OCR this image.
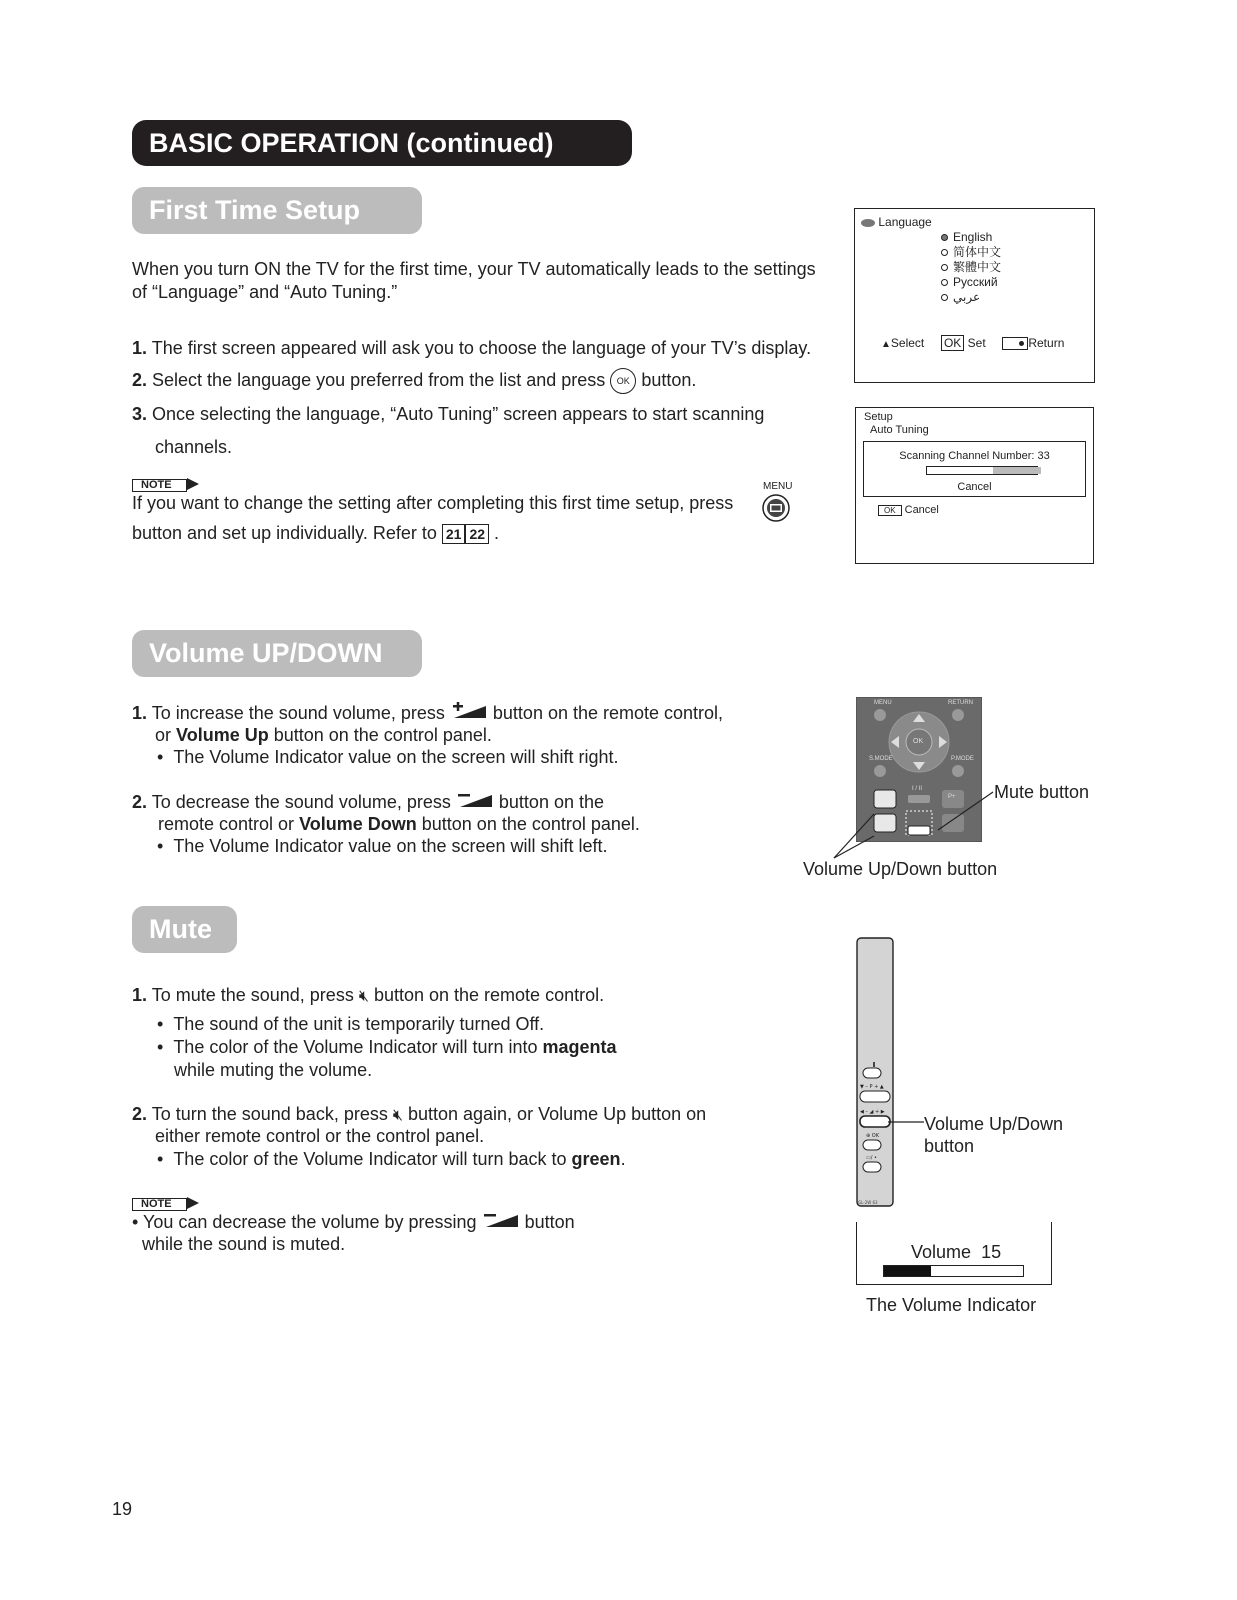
BASIC OPERATION (continued)
First Time Setup
When you turn ON the TV for the first time, your TV automatically leads to the settings
of “Language” and “Auto Tuning.”
1. The first screen appeared will ask you to choose the language of your TV’s display.
2. Select the language you preferred from the list and press OK button.
3. Once selecting the language, “Auto Tuning” screen appears to start scanning
channels.
NOTE
If you want to change the setting after completing this first time setup, press
MENU
button and set up individually. Refer to 21 22 .
Language
English
简体中文
繁體中文
Русский
عربي
▲︎Select OK Set	Return
Setup
Auto Tuning
Scanning Channel Number: 33
Cancel
OK Cancel
Volume UP/DOWN
1. To increase the sound volume, press	button on the remote control,
or Volume Up button on the control panel.
•  The Volume Indicator value on the screen will shift right.
2. To decrease the sound volume, press	button on the
remote control or Volume Down button on the control panel.
•  The Volume Indicator value on the screen will shift left.
MENU	RETURN
OK
S.MODE	P.MODE
I / II
P+ Mute button
Volume Up/Down button
Mute
1. To mute the sound, press 🔇︎ button on the remote control.
•  The sound of the unit is temporarily turned Off.
•  The color of the Volume Indicator will turn into magenta
while muting the volume.
2. To turn the sound back, press 🔇︎ button again, or Volume Up button on
either remote control or the control panel.
•  The color of the Volume Indicator will turn back to green.
NOTE
• You can decrease the volume by pressing	button
while the sound is muted.
▼ – P + ▲
◀ – ◢ + ▶
⊕ OK
▭/ •
GL-2W 63
Volume Up/Down
button
Volume 15
The Volume Indicator
19
